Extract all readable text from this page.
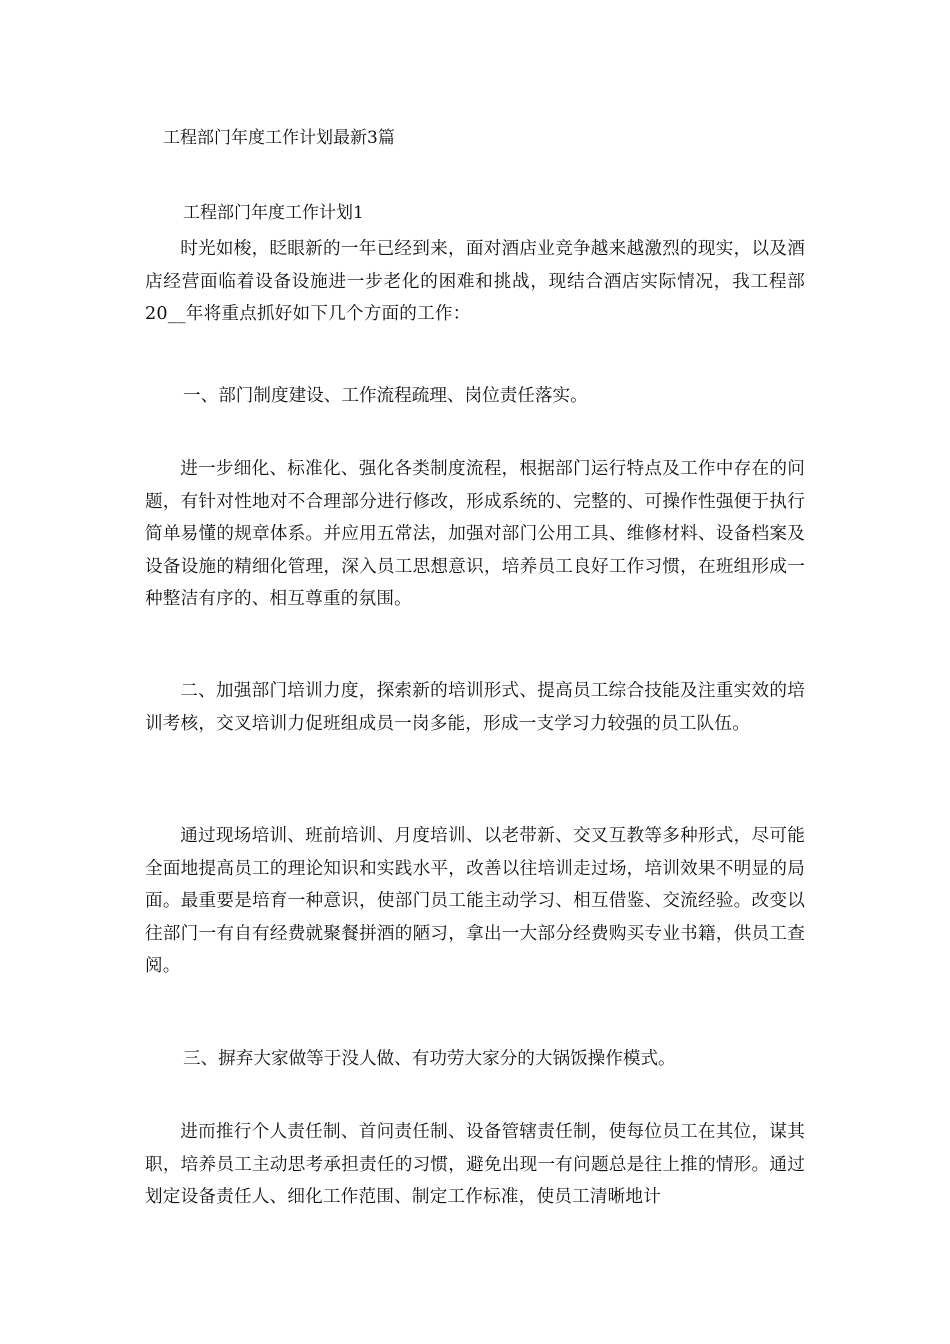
工程部门年度工作计划最新3篇
工程部门年度工作计划1

时光如梭，眨眼新的一年已经到来，面对酒店业竞争越来越激烈的现实，以及酒店经营面临着设备设施进一步老化的困难和挑战，现结合酒店实际情况，我工程部20__年将重点抓好如下几个方面的工作：

一、部门制度建设、工作流程疏理、岗位责任落实。

进一步细化、标准化、强化各类制度流程，根据部门运行特点及工作中存在的问题，有针对性地对不合理部分进行修改，形成系统的、完整的、可操作性强便于执行简单易懂的规章体系。并应用五常法，加强对部门公用工具、维修材料、设备档案及设备设施的精细化管理，深入员工思想意识，培养员工良好工作习惯，在班组形成一种整洁有序的、相互尊重的氛围。

二、加强部门培训力度，探索新的培训形式、提高员工综合技能及注重实效的培训考核，交叉培训力促班组成员一岗多能，形成一支学习力较强的员工队伍。

通过现场培训、班前培训、月度培训、以老带新、交叉互教等多种形式，尽可能全面地提高员工的理论知识和实践水平，改善以往培训走过场，培训效果不明显的局面。最重要是培育一种意识，使部门员工能主动学习、相互借鉴、交流经验。改变以往部门一有自有经费就聚餐拼酒的陋习，拿出一大部分经费购买专业书籍，供员工查阅。

三、摒弃大家做等于没人做、有功劳大家分的大锅饭操作模式。

进而推行个人责任制、首问责任制、设备管辖责任制，使每位员工在其位，谋其职，培养员工主动思考承担责任的习惯，避免出现一有问题总是往上推的情形。通过划定设备责任人、细化工作范围、制定工作标准，使员工清晰地计
